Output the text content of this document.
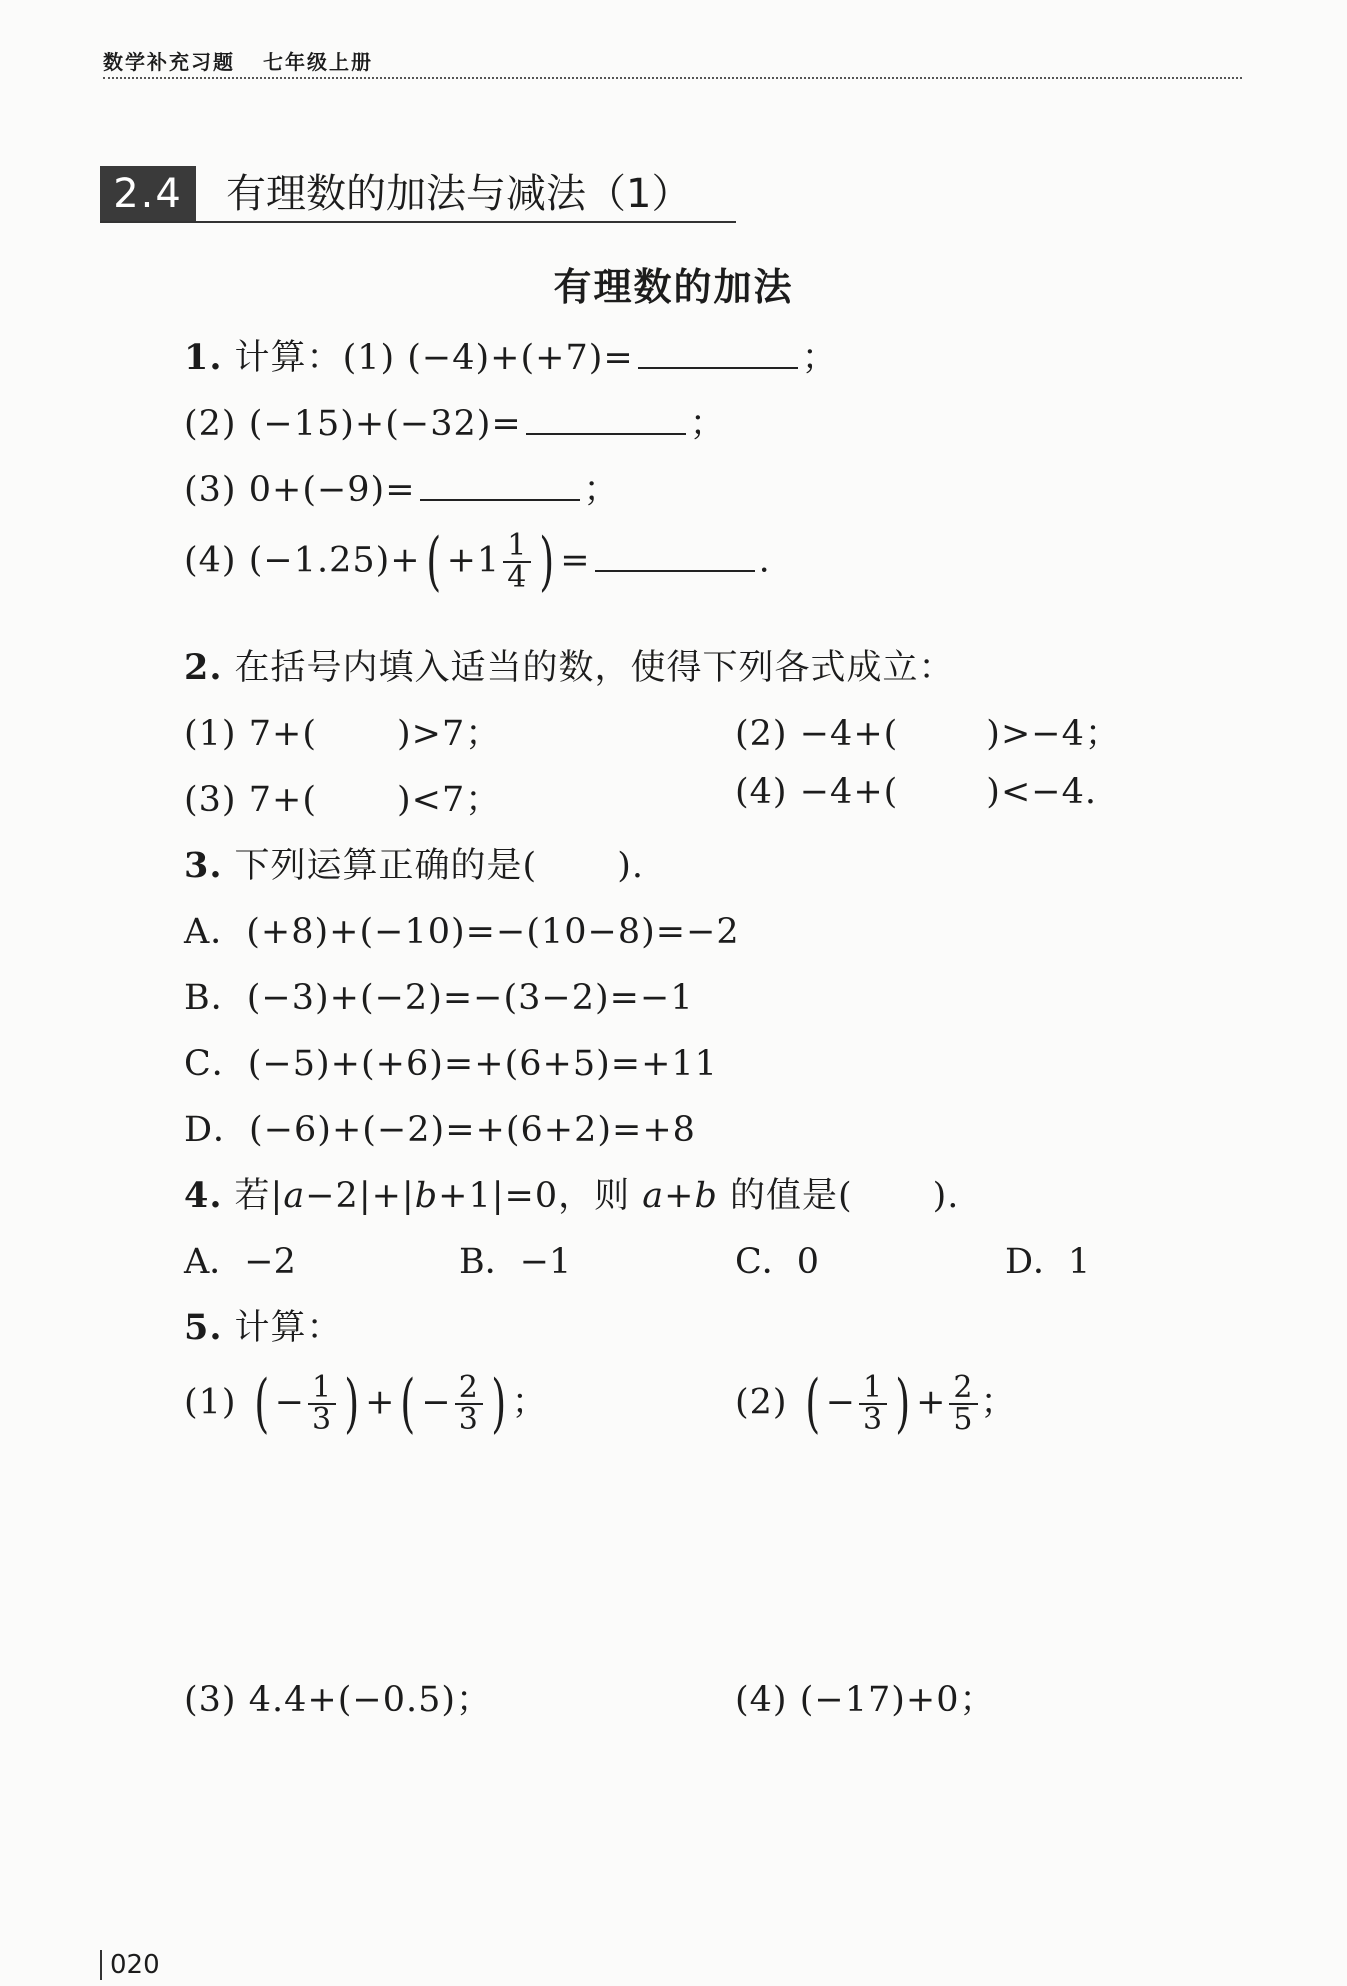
数学补充习题 七年级上册
2.4	有理数的加法与减法（1）
有理数的加法
1. 计算：(1) (−4)+(+7)=	；
(2) (−15)+(−32)=	；
(3) 0+(−9)=	；
(4) $(-1.25)+( +1 \frac{1}{4}$ ) =	.
2. 在括号内填入适当的数，使得下列各式成立：
(1) 7+( )>7；	(2) −4+(	)>−4；
(3) 7+( )<7；	(4) −4+(	)<−4.
3. 下列运算正确的是( ).
A．(+8)+(−10)=−(10−8)=−2
B．(−3)+(−2)=−(3−2)=−1
C．(−5)+(+6)=+(6+5)=+11
D．(−6)+(−2)=+(6+2)=+8
4. 若|a−2|+|b+1|=0，则 a+b 的值是( ).
A．−2	B．−1	C．0	D．1
5. 计算：
(1) ( − $\frac{1}{3}$ ) +( − $\frac{2}{3}$ ) ；	(2) ( − $\frac{1}{3}$ ) + $\frac{2}{5}$ ；
(3) 4.4+(−0.5)；	(4) (−17)+0；
020
